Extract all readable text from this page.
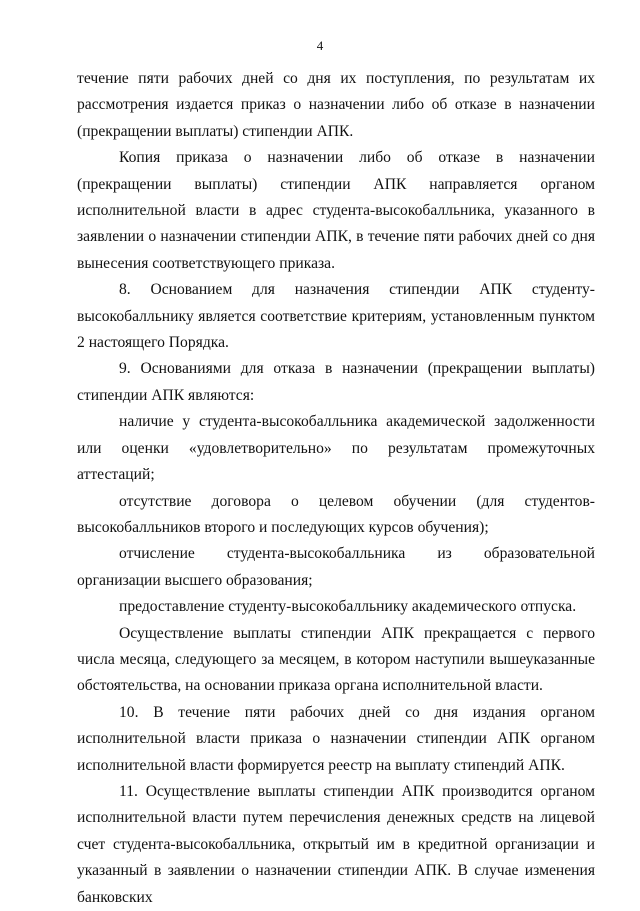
4

течение пяти рабочих дней со дня их поступления, по результатам их рассмотрения издается приказ о назначении либо об отказе в назначении (прекращении выплаты) стипендии АПК.

Копия приказа о назначении либо об отказе в назначении (прекращении выплаты) стипендии АПК направляется органом исполнительной власти в адрес студента-высокобалльника, указанного в заявлении о назначении стипендии АПК, в течение пяти рабочих дней со дня вынесения соответствующего приказа.

8. Основанием для назначения стипендии АПК студенту-высокобалльнику является соответствие критериям, установленным пунктом 2 настоящего Порядка.

9. Основаниями для отказа в назначении (прекращении выплаты) стипендии АПК являются:

наличие у студента-высокобалльника академической задолженности или оценки «удовлетворительно» по результатам промежуточных аттестаций;

отсутствие договора о целевом обучении (для студентов-высокобалльников второго и последующих курсов обучения);

отчисление студента-высокобалльника из образовательной организации высшего образования;

предоставление студенту-высокобалльнику академического отпуска.

Осуществление выплаты стипендии АПК прекращается с первого числа месяца, следующего за месяцем, в котором наступили вышеуказанные обстоятельства, на основании приказа органа исполнительной власти.

10. В течение пяти рабочих дней со дня издания органом исполнительной власти приказа о назначении стипендии АПК органом исполнительной власти формируется реестр на выплату стипендий АПК.

11. Осуществление выплаты стипендии АПК производится органом исполнительной власти путем перечисления денежных средств на лицевой счет студента-высокобалльника, открытый им в кредитной организации и указанный в заявлении о назначении стипендии АПК. В случае изменения банковских
